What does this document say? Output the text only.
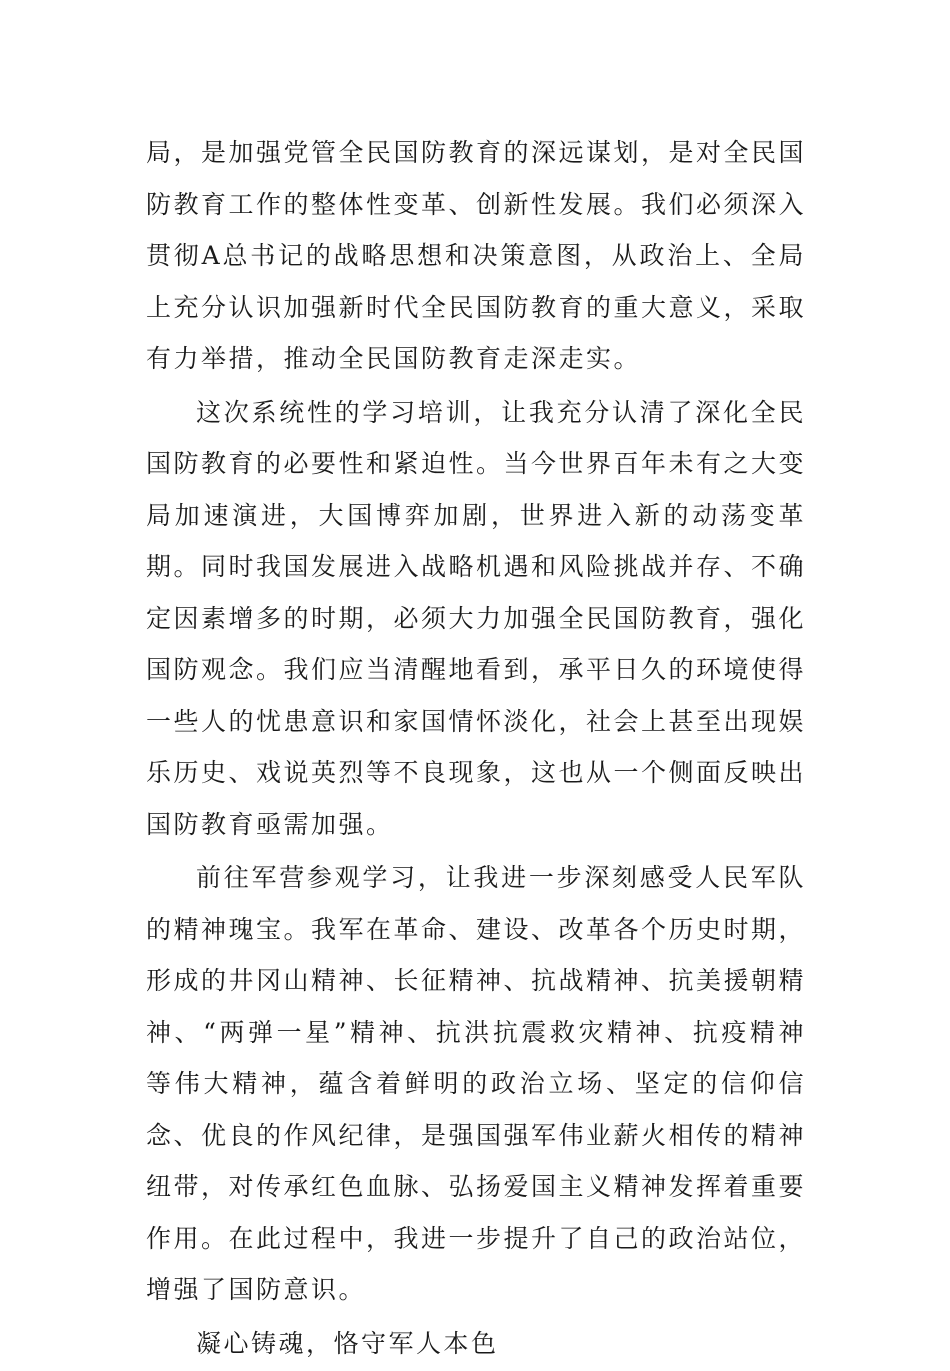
局，是加强党管全民国防教育的深远谋划，是对全民国防教育工作的整体性变革、创新性发展。我们必须深入贯彻A总书记的战略思想和决策意图，从政治上、全局上充分认识加强新时代全民国防教育的重大意义，采取有力举措，推动全民国防教育走深走实。

这次系统性的学习培训，让我充分认清了深化全民国防教育的必要性和紧迫性。当今世界百年未有之大变局加速演进，大国博弈加剧，世界进入新的动荡变革期。同时我国发展进入战略机遇和风险挑战并存、不确定因素增多的时期，必须大力加强全民国防教育，强化国防观念。我们应当清醒地看到，承平日久的环境使得一些人的忧患意识和家国情怀淡化，社会上甚至出现娱乐历史、戏说英烈等不良现象，这也从一个侧面反映出国防教育亟需加强。

前往军营参观学习，让我进一步深刻感受人民军队的精神瑰宝。我军在革命、建设、改革各个历史时期，形成的井冈山精神、长征精神、抗战精神、抗美援朝精神、“两弹一星”精神、抗洪抗震救灾精神、抗疫精神等伟大精神，蕴含着鲜明的政治立场、坚定的信仰信念、优良的作风纪律，是强国强军伟业薪火相传的精神纽带，对传承红色血脉、弘扬爱国主义精神发挥着重要作用。在此过程中，我进一步提升了自己的政治站位，增强了国防意识。

凝心铸魂，恪守军人本色
